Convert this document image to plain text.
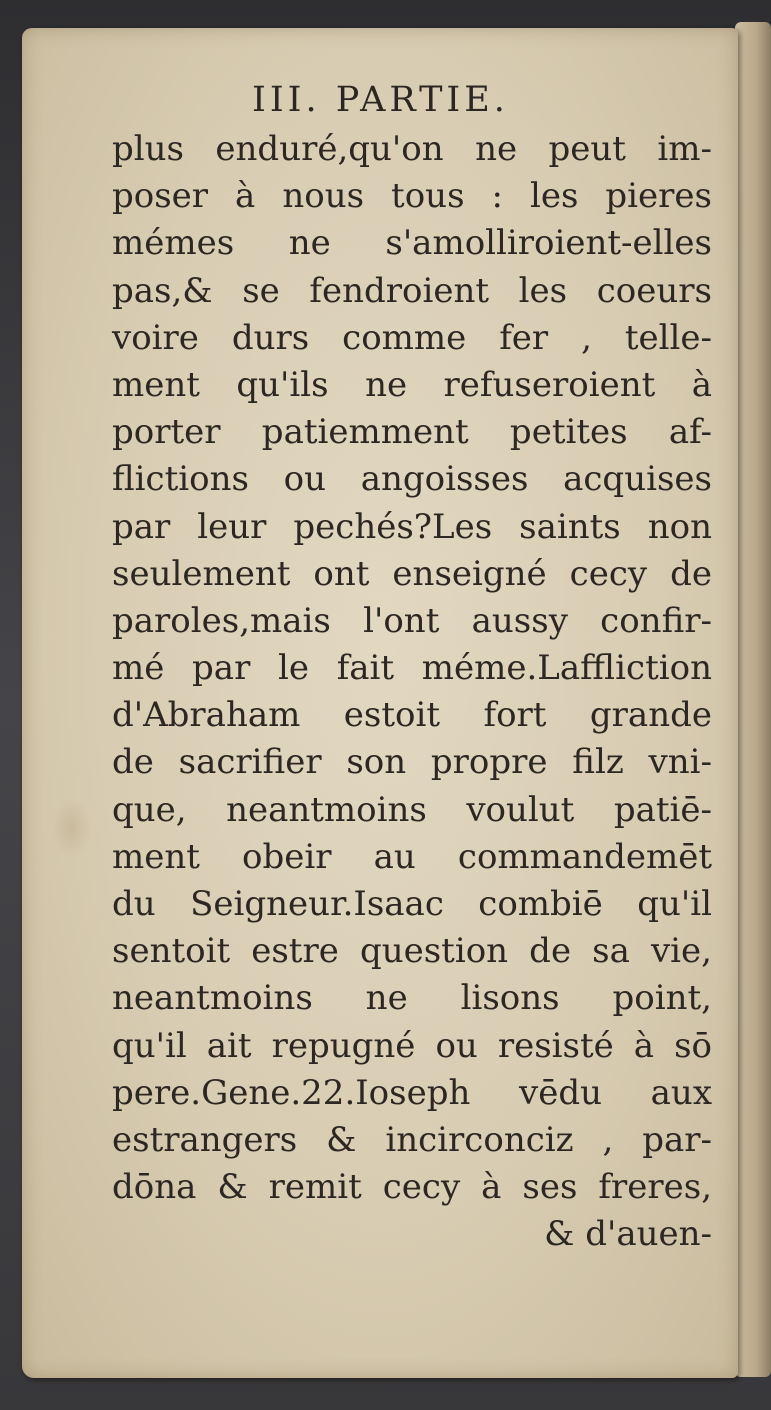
III. PARTIE.
plus enduré,qu'on ne peut im-
poser à nous tous : les pieres
mémes ne s'amolliroient-elles
pas,& se fendroient les coeurs
voire durs comme fer , telle-
ment qu'ils ne refuseroient à
porter patiemment petites af-
flictions ou angoisses acquises
par leur pechés?Les saints non
seulement ont enseigné cecy de
paroles,mais l'ont aussy confir-
mé par le fait méme.Laffliction
d'Abraham estoit fort grande
de sacrifier son propre filz vni-
que, neantmoins voulut patiē-
ment obeir au commandemēt
du Seigneur.Isaac combiē qu'il
sentoit estre question de sa vie,
neantmoins ne lisons point,
qu'il ait repugné ou resisté à sō
pere.Gene.22.Ioseph vēdu aux
estrangers & incirconciz , par-
dōna & remit cecy à ses freres,
& d'auen-
